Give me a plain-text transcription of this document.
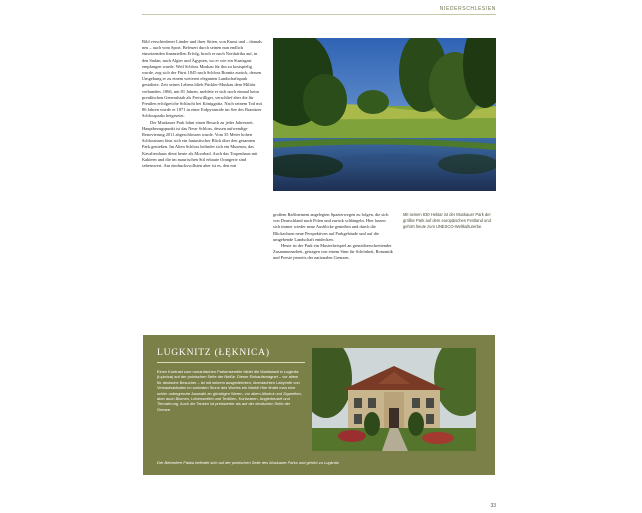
NIEDERSCHLESIEN

Bild verschiedener Länder und ihrer Sitten, von Kunst und – damals neu – auch vom Sport. Befeuert durch seinen nun endlich einsetzenden finanziellen Erfolg, brach er nach Nordafrika auf, in den Sudan, nach Algier und Ägypten, wo er wie ein Staatsgast empfangen wurde. Weil Schloss Muskau für ihn zu kostspielig wurde, zog sich der Fürst 1845 nach Schloss Branitz zurück, dessen Umgebung er zu einem weiteren eleganten Landschaftspark gestaltete. Zeit seines Lebens blieb Pückler-Muskau dem Militär verbunden. 1866, mit 81 Jahren, meldete er sich noch einmal beim preußischen Generalstab als Freiwilliger, verschlief aber die für Preußen erfolgreiche Schlacht bei Königgrätz. Nach seinem Tod mit 86 Jahren wurde er 1871 in einer Erdpyramide im See des Branitzer Schlossparks beigesetzt.

Der Muskauer Park lohnt einen Besuch zu jeder Jahreszeit. Hauptbezugspunkt ist das Neue Schloss, dessen aufwendige Renovierung 2011 abgeschlossen wurde. Vom 35 Meter hohen Schlossturm lässt sich ein fantastischer Blick über den gesamten Park genießen. Im Alten Schloss befindet sich ein Museum, das Kavaliershaus dient heute als Moorbad. Auch das Tropenhaus mit Kakteen und die im maurischen Stil erbaute Orangerie sind sehenswert. Am eindrucksvollsten aber ist es, den mit

großem Raffinement angelegten Spazierwegen zu folgen, die sich von Deutschland nach Polen und zurück schlängeln. Hier lassen sich immer wieder neue Ausblicke genießen und durch die Blickachsen neue Perspektiven auf Parkgebäude und auf die umgebende Landschaft entdecken.

Heute ist der Park ein Musterbeispiel an grenzüberschreitender Zusammenarbeit, getragen von einem Sinn für Schönheit, Romantik und Poesie jenseits der nationalen Grenzen.

Mit seinen 830 Hektar ist der Muskauer Park der größte Park auf dem europäischen Festland und gehört heute zum UNESCO-Weltkulturerbe.
LUGKNITZ (ŁĘKNICA)
Einen Kontrast zum romantischen Parkensemble bildet die Marktstadt in Lugknitz (Łęknica) auf der polnischen Seite der Neiße. Dieser Einkaufsmagnet – vor allem für deutsche Besucher – ist mit seinem ausgedehnten, überdachten Labyrinth von Verkaufsständen im wahrsten Sinne des Wortes ein Markt! Hier findet man eine schier unbegrenzte Auswahl an günstigen Waren, vor allem Alkohol und Zigaretten, aber auch Blumen, Lebensmittel und Textilien, Korbwaren, Anglerbedarf und Tiernahrung. Auch die Tanken ist preiswerter als auf der deutschen Seite der Grenze.
Der Belvedere Palast befindet sich auf der polnischen Seite des Muskauer Parks und gehört zu Lugknitz.
33
